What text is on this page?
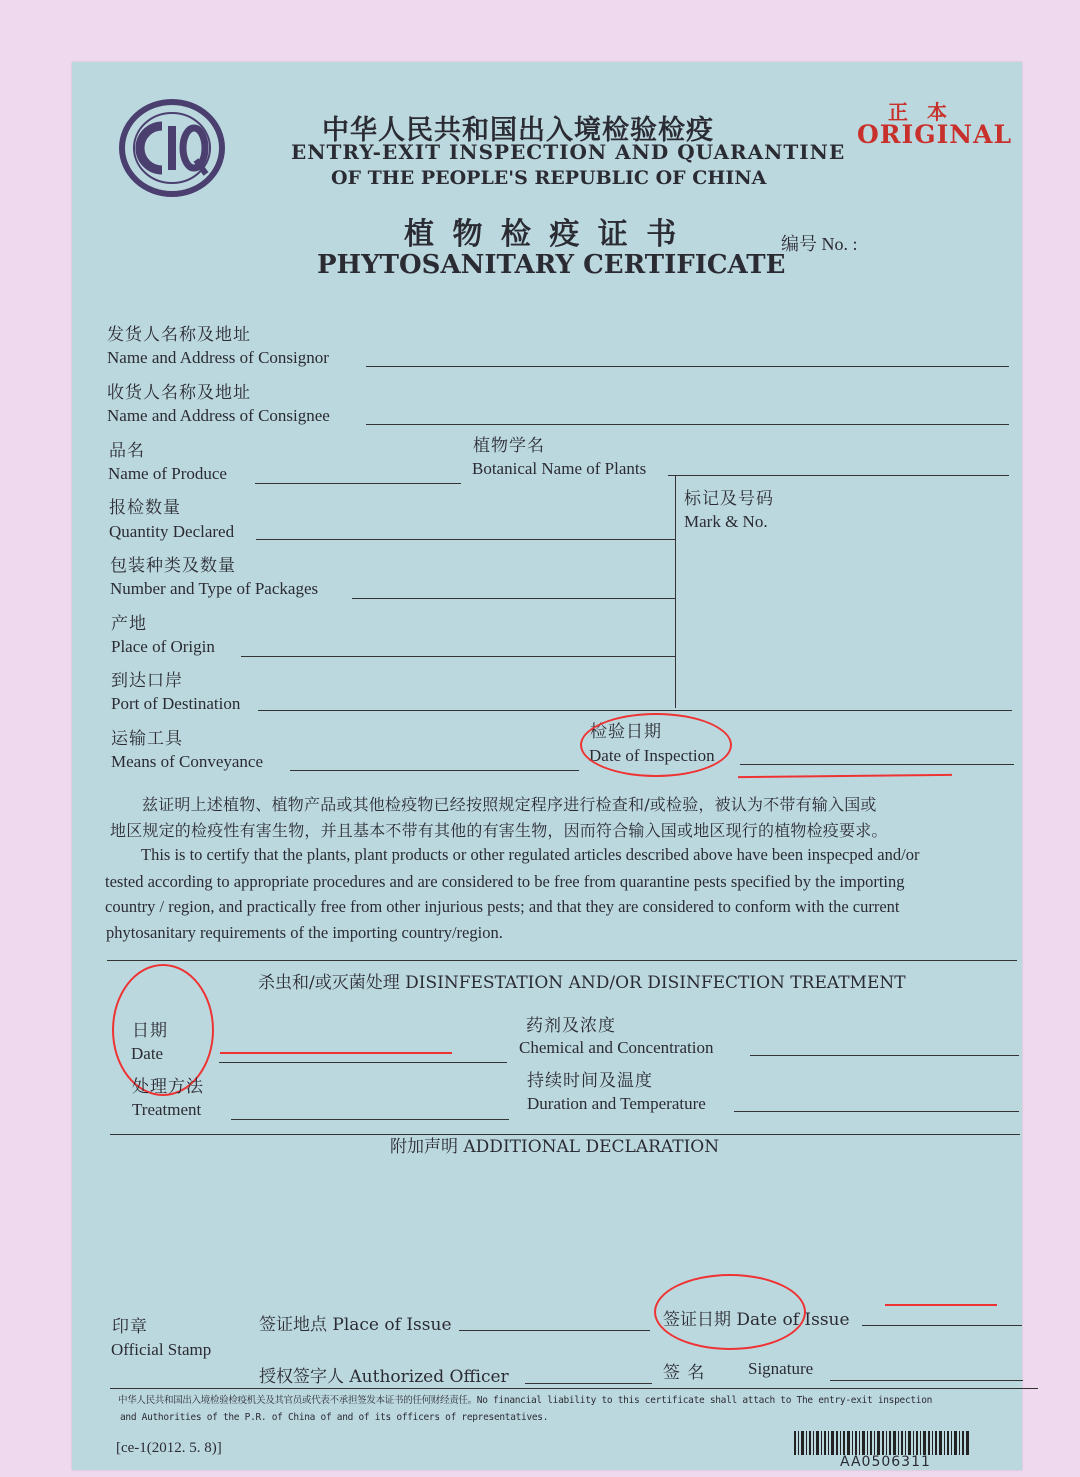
中华人民共和国出入境检验检疫
ENTRY-EXIT INSPECTION AND QUARANTINE
OF THE PEOPLE'S REPUBLIC OF CHINA
正 本
ORIGINAL
植 物 检 疫 证 书
PHYTOSANITARY CERTIFICATE
编号 No. :
发货人名称及地址
Name and Address of Consignor
收货人名称及地址
Name and Address of Consignee
品名
Name of Produce
植物学名
Botanical Name of Plants
标记及号码
Mark & No.
报检数量
Quantity Declared
包装种类及数量
Number and Type of Packages
产地
Place of Origin
到达口岸
Port of Destination
运输工具
Means of Conveyance
检验日期
Date of Inspection
兹证明上述植物、植物产品或其他检疫物已经按照规定程序进行检查和/或检验，被认为不带有输入国或
地区规定的检疫性有害生物，并且基本不带有其他的有害生物，因而符合输入国或地区现行的植物检疫要求。
This is to certify that the plants, plant products or other regulated articles described above have been inspecped and/or
tested according to appropriate procedures and are considered to be free from quarantine pests specified by the importing
country / region, and practically free from other injurious pests; and that they are considered to conform with the current
phytosanitary requirements of the importing country/region.
杀虫和/或灭菌处理 DISINFESTATION AND/OR DISINFECTION TREATMENT
日期
Date
处理方法
Treatment
药剂及浓度
Chemical and Concentration
持续时间及温度
Duration and Temperature
附加声明 ADDITIONAL DECLARATION
印章
Official Stamp
签证地点 Place of Issue	签证日期 Date of Issue
授权签字人 Authorized Officer	签 名	Signature
中华人民共和国出入境检验检疫机关及其官员或代表不承担签发本证书的任何财经责任。No financial liability to this certificate shall attach to The entry-exit inspection
and Authorities of the P.R. of China of and of its officers of representatives.
[ce-1(2012. 5. 8)]
AA0506311
